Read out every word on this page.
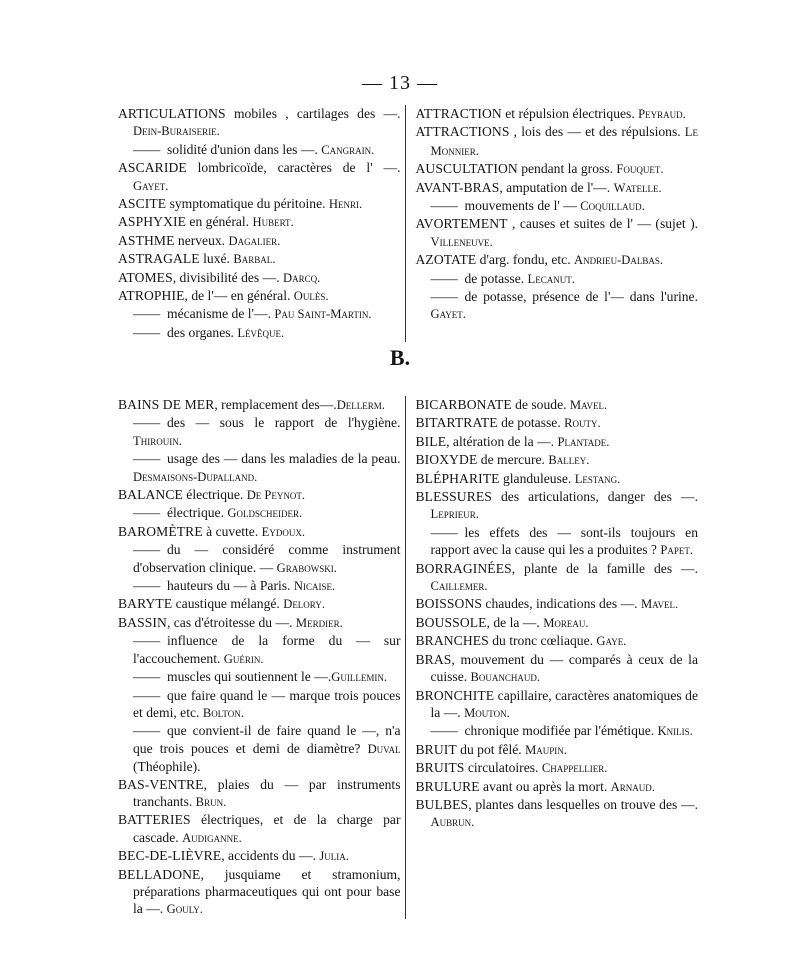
— 13 —
ARTICULATIONS mobiles , cartilages des —. Dein-Buraiserie.
—— solidité d'union dans les —. Cangrain.
ASCARIDE lombricoïde, caractères de l' —. Gayet.
ASCITE symptomatique du péritoine. Henri.
ASPHYXIE en général. Hubert.
ASTHME nerveux. Dagalier.
ASTRAGALE luxé. Barbal.
ATOMES, divisibilité des —. Darcq.
ATROPHIE, de l'— en général. Oulès.
—— mécanisme de l'—. Pau Saint-Martin.
—— des organes. Lévêque.
ATTRACTION et répulsion électriques. Peyraud.
ATTRACTIONS , lois des — et des répulsions. Le Monnier.
AUSCULTATION pendant la gross. Fouquet.
AVANT-BRAS, amputation de l'—. Watelle.
—— mouvements de l' — Coquillaud.
AVORTEMENT , causes et suites de l' — (sujet ). Villeneuve.
AZOTATE d'arg. fondu, etc. Andrieu-Dalbas.
—— de potasse. Lecanut.
—— de potasse, présence de l'— dans l'urine. Gayet.
B.
BAINS DE MER, remplacement des—.Dellerm.
—— des — sous le rapport de l'hygiène. Thirouin.
—— usage des — dans les maladies de la peau. Desmaisons-Dupalland.
BALANCE électrique. De Peynot.
—— électrique. Goldscheider.
BAROMÈTRE à cuvette. Eydoux.
—— du — considéré comme instrument d'observation clinique. — Grabowski.
—— hauteurs du — à Paris. Nicaise.
BARYTE caustique mélangé. Delory.
BASSIN, cas d'étroitesse du —. Merdier.
—— influence de la forme du — sur l'accouchement. Guérin.
—— muscles qui soutiennent le —.Guillemin.
—— que faire quand le — marque trois pouces et demi, etc. Bolton.
—— que convient-il de faire quand le —, n'a que trois pouces et demi de diamètre? Duval (Théophile).
BAS-VENTRE, plaies du — par instruments tranchants. Brun.
BATTERIES électriques, et de la charge par cascade. Audiganne.
BEC-DE-LIÈVRE, accidents du —. Julia.
BELLADONE, jusquiame et stramonium, préparations pharmaceutiques qui ont pour base la —. Gouly.
BICARBONATE de soude. Mavel.
BITARTRATE de potasse. Routy.
BILE, altération de la —. Plantade.
BIOXYDE de mercure. Balley.
BLÉPHARITE glanduleuse. Lestang.
BLESSURES des articulations, danger des —. Leprieur.
—— les effets des — sont-ils toujours en rapport avec la cause qui les a produites ? Papet.
BORRAGINÉES, plante de la famille des —. Caillemer.
BOISSONS chaudes, indications des —. Mavel.
BOUSSOLE, de la —. Moreau.
BRANCHES du tronc cœliaque. Gaye.
BRAS, mouvement du — comparés à ceux de la cuisse. Bouanchaud.
BRONCHITE capillaire, caractères anatomiques de la —. Mouton.
—— chronique modifiée par l'émétique. Knilis.
BRUIT du pot fêlé. Maupin.
BRUITS circulatoires. Chappellier.
BRULURE avant ou après la mort. Arnaud.
BULBES, plantes dans lesquelles on trouve des —. Aubrun.
